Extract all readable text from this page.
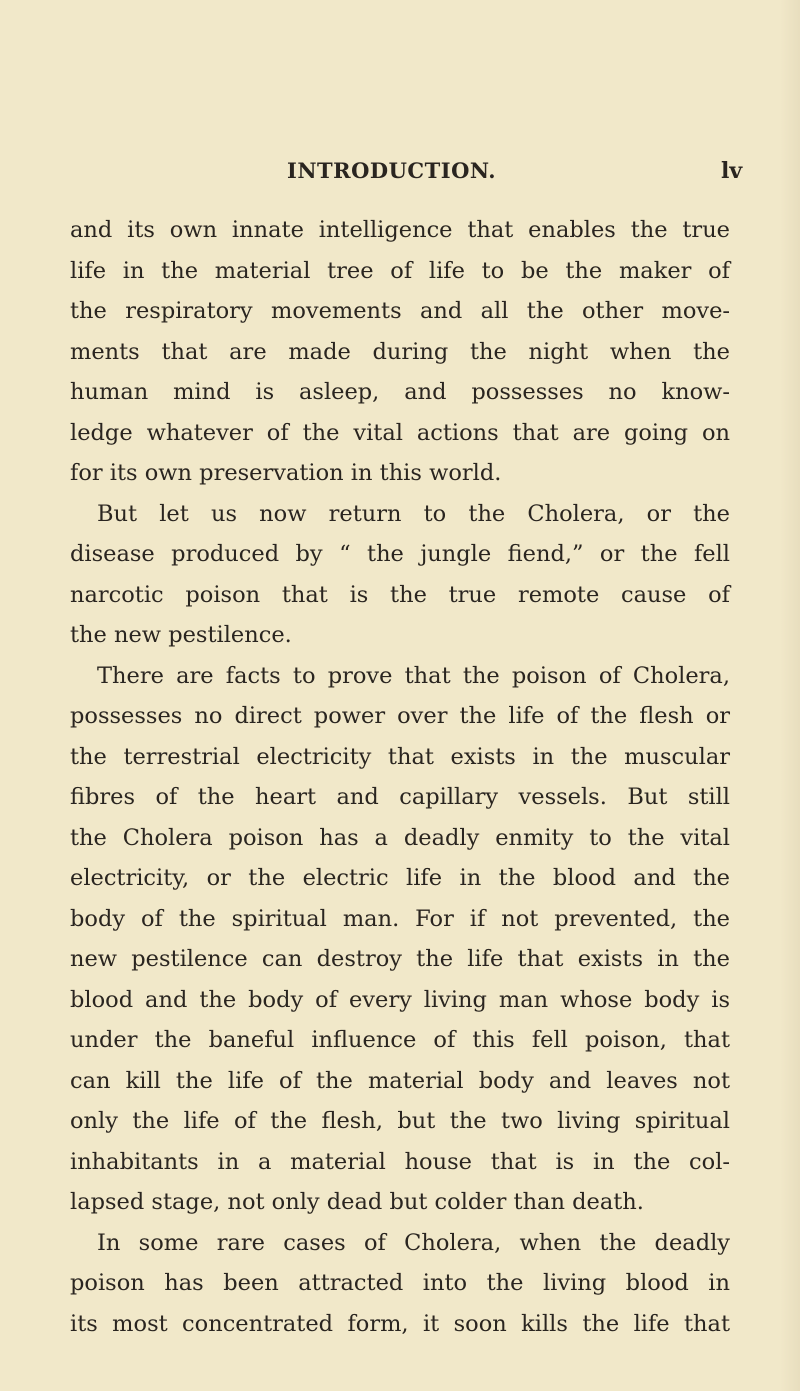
INTRODUCTION.	lv
and its own innate intelligence that enables the true
life in the material tree of life to be the maker of
the respiratory movements and all the other move-
ments that are made during the night when the
human mind is asleep, and possesses no know-
ledge whatever of the vital actions that are going on
for its own preservation in this world.
But let us now return to the Cholera, or the
disease produced by “ the jungle fiend,” or the fell
narcotic poison that is the true remote cause of
the new pestilence.
There are facts to prove that the poison of Cholera,
possesses no direct power over the life of the flesh or
the terrestrial electricity that exists in the muscular
fibres of the heart and capillary vessels. But still
the Cholera poison has a deadly enmity to the vital
electricity, or the electric life in the blood and the
body of the spiritual man. For if not prevented, the
new pestilence can destroy the life that exists in the
blood and the body of every living man whose body is
under the baneful influence of this fell poison, that
can kill the life of the material body and leaves not
only the life of the flesh, but the two living spiritual
inhabitants in a material house that is in the col-
lapsed stage, not only dead but colder than death.
In some rare cases of Cholera, when the deadly
poison has been attracted into the living blood in
its most concentrated form, it soon kills the life that
